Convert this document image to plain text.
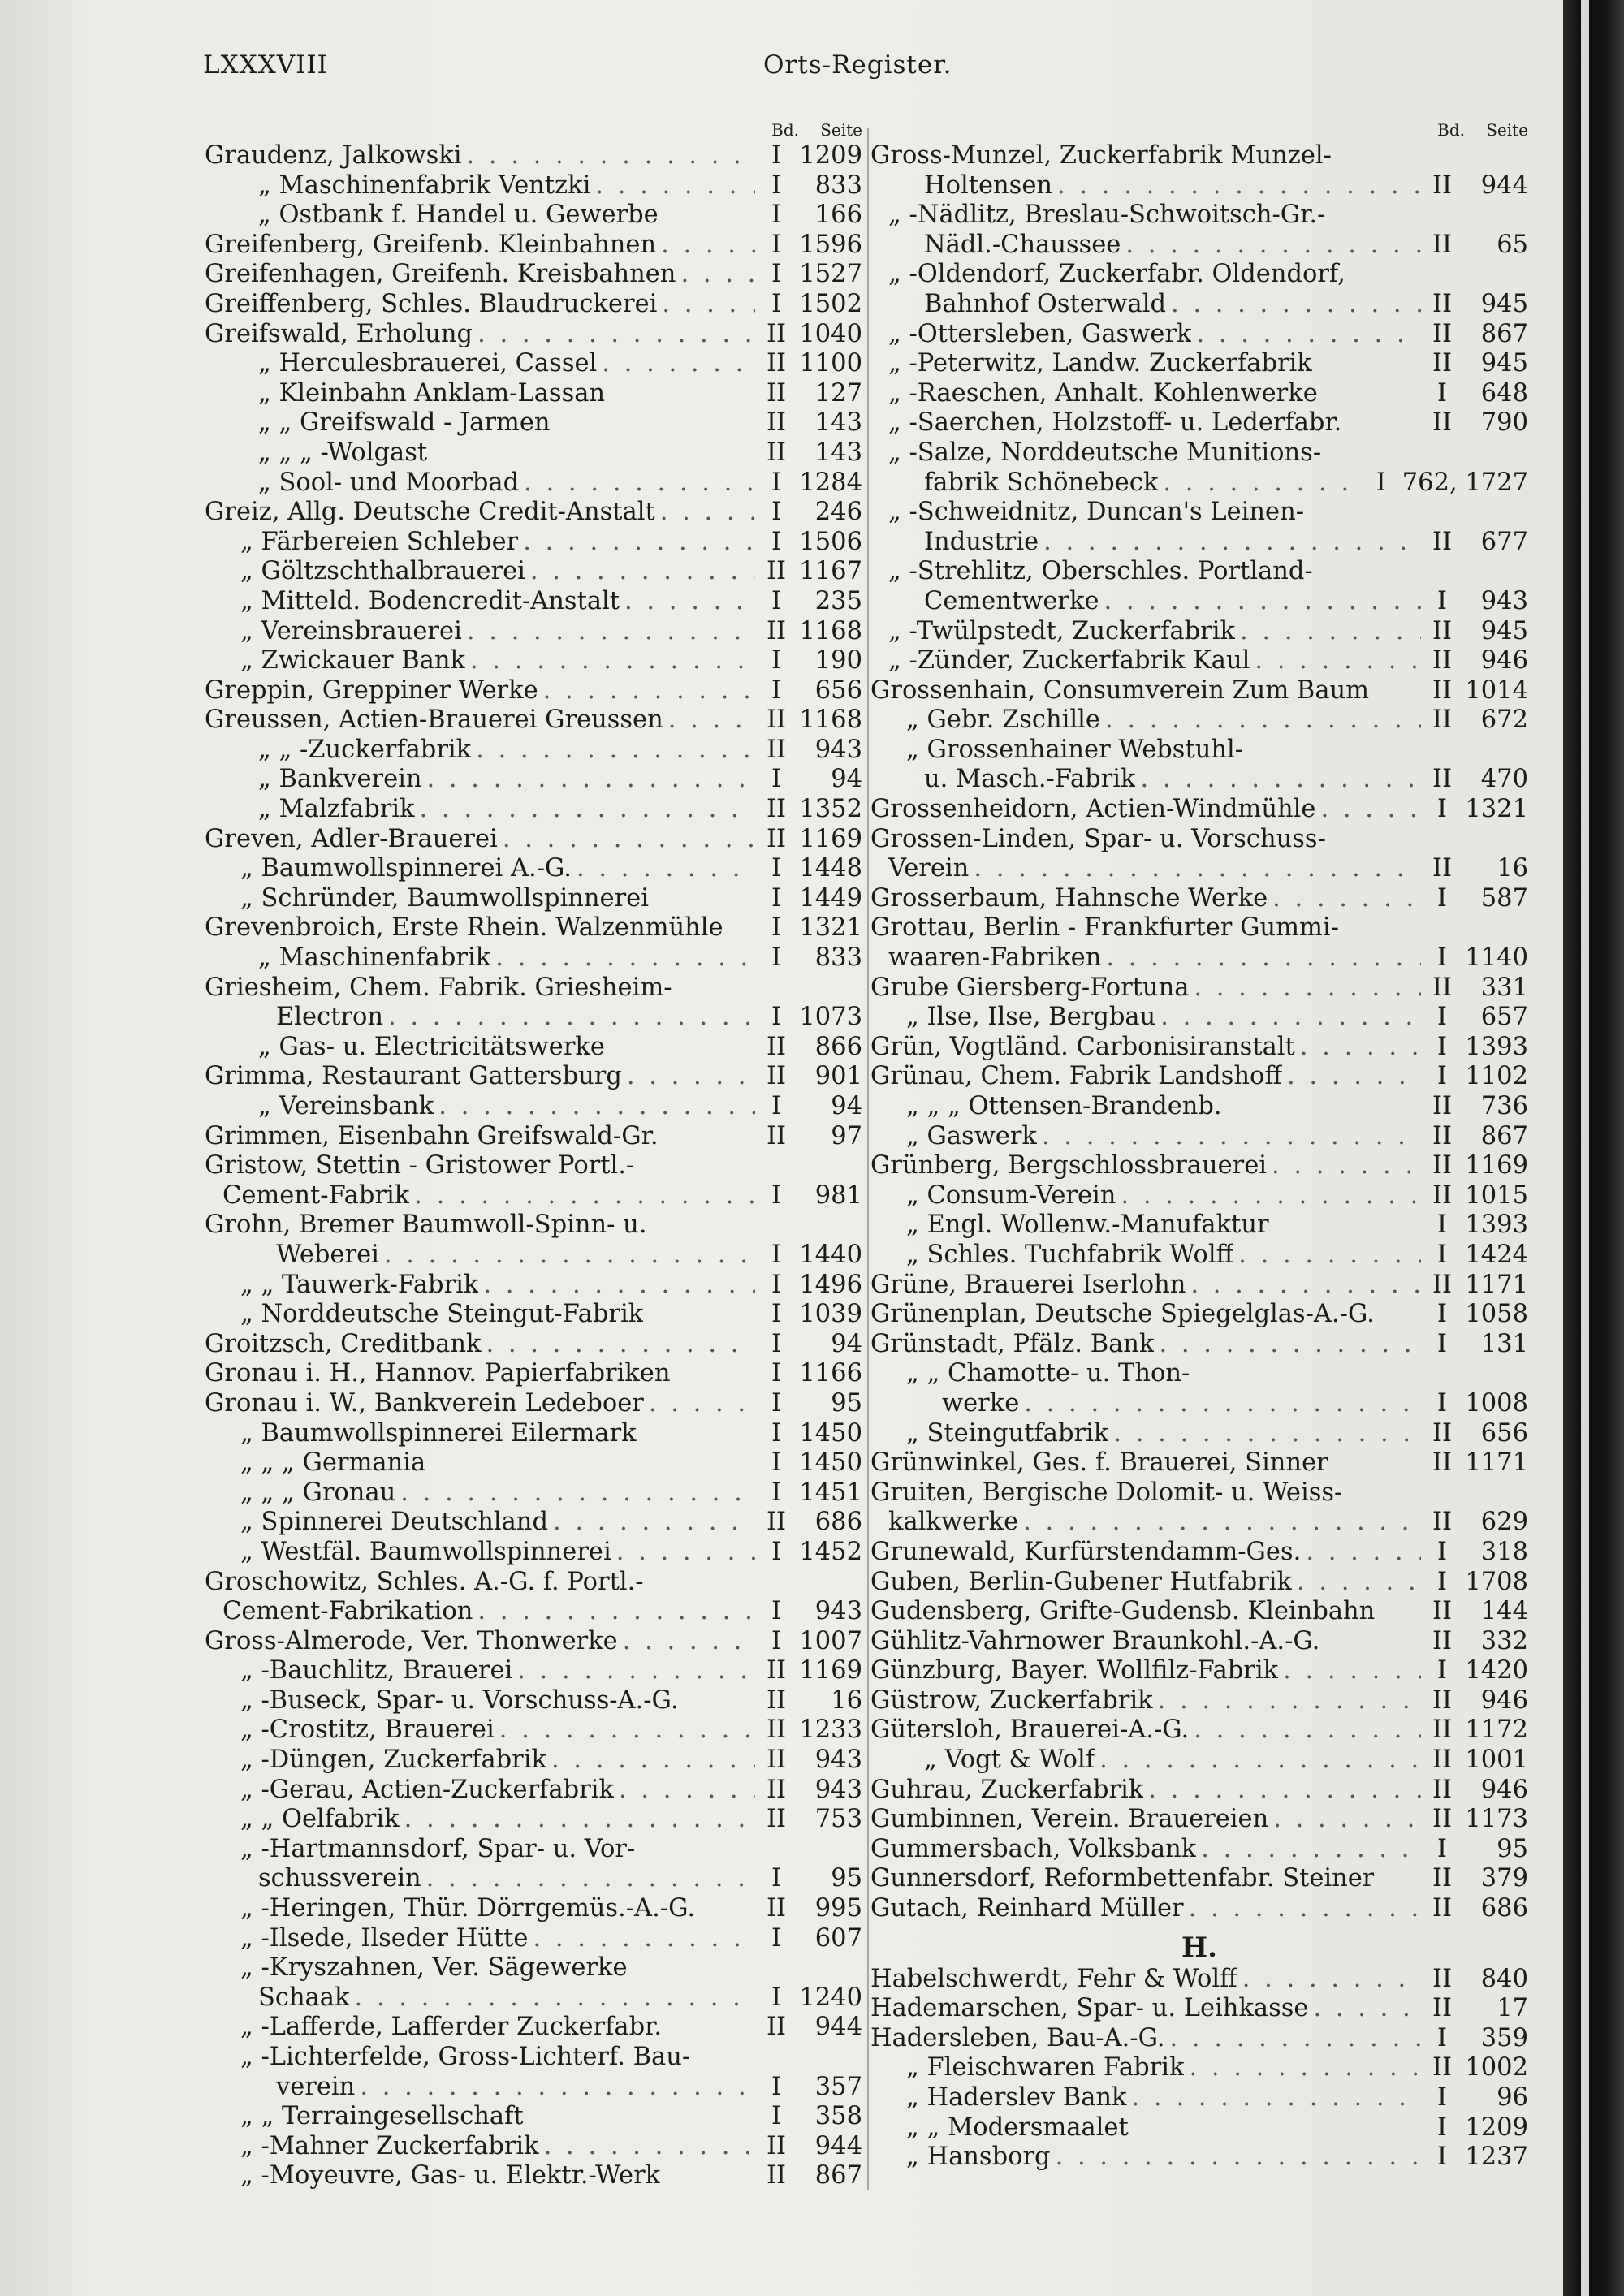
LXXXVIII	Orts-Register.
Bd.	Seite
Graudenz, Jalkowski . . .	I 1209
„ Maschinenfabrik Ventzki . . .	I	833
„ Ostbank f. Handel u. Gewerbe	I	166
Greifenberg, Greifenb. Kleinbahnen . . .	I 1596
Greifenhagen, Greifenh. Kreisbahnen . . .	I 1527
Greiffenberg, Schles. Blaudruckerei . . .	I 1502
Greifswald, Erholung . . .	II 1040
„ Herculesbrauerei, Cassel . . .	II 1100
„ Kleinbahn Anklam-Lassan	II	127
„ „ Greifswald - Jarmen	II	143
„ „ „ -Wolgast	II	143
„ Sool- und Moorbad . . .	I 1284
Greiz, Allg. Deutsche Credit-Anstalt . . .	I	246
„ Färbereien Schleber . . .	I 1506
„ Göltzschthalbrauerei . . .	II 1167
„ Mitteld. Bodencredit-Anstalt . . .	I	235
„ Vereinsbrauerei . . .	II 1168
„ Zwickauer Bank . . .	I	190
Greppin, Greppiner Werke . . .	I	656
Greussen, Actien-Brauerei Greussen . . .	II 1168
„ „ -Zuckerfabrik . . .	II	943
„ Bankverein . . .	I	94
„ Malzfabrik . . .	II 1352
Greven, Adler-Brauerei . . .	II 1169
„ Baumwollspinnerei A.-G. . . .	I 1448
„ Schründer, Baumwollspinnerei	I 1449
Grevenbroich, Erste Rhein. Walzenmühle	I 1321
„ Maschinenfabrik . . .	I	833
Griesheim, Chem. Fabrik. Griesheim-
Electron . . .	I 1073
„ Gas- u. Electricitätswerke	II	866
Grimma, Restaurant Gattersburg . . .	II	901
„ Vereinsbank . . .	I	94
Grimmen, Eisenbahn Greifswald-Gr.	II	97
Gristow, Stettin - Gristower Portl.-
Cement-Fabrik . . .	I	981
Grohn, Bremer Baumwoll-Spinn- u.
Weberei . . .	I 1440
„ „ Tauwerk-Fabrik . . .	I 1496
„ Norddeutsche Steingut-Fabrik	I 1039
Groitzsch, Creditbank . . .	I	94
Gronau i. H., Hannov. Papierfabriken	I 1166
Gronau i. W., Bankverein Ledeboer . . .	I	95
„ Baumwollspinnerei Eilermark	I 1450
„ „ „ Germania	I 1450
„ „ „ Gronau . . .	I 1451
„ Spinnerei Deutschland . . .	II	686
„ Westfäl. Baumwollspinnerei . . .	I 1452
Groschowitz, Schles. A.-G. f. Portl.-
Cement-Fabrikation . . .	I	943
Gross-Almerode, Ver. Thonwerke . . .	I 1007
„ -Bauchlitz, Brauerei . . .	II 1169
„ -Buseck, Spar- u. Vorschuss-A.-G.	II	16
„ -Crostitz, Brauerei . . .	II 1233
„ -Düngen, Zuckerfabrik . . .	II	943
„ -Gerau, Actien-Zuckerfabrik . . .	II	943
„ „ Oelfabrik . . .	II	753
„ -Hartmannsdorf, Spar- u. Vor-
schussverein . . .	I	95
„ -Heringen, Thür. Dörrgemüs.-A.-G.	II	995
„ -Ilsede, Ilseder Hütte . . .	I	607
„ -Kryszahnen, Ver. Sägewerke
Schaak . . .	I 1240
„ -Lafferde, Lafferder Zuckerfabr.	II	944
„ -Lichterfelde, Gross-Lichterf. Bau-
verein . . .	I	357
„ „ Terraingesellschaft	I	358
„ -Mahner Zuckerfabrik . . .	II	944
„ -Moyeuvre, Gas- u. Elektr.-Werk	II	867
Bd.	Seite
Gross-Munzel, Zuckerfabrik Munzel-
Holtensen . . .	II	944
„ -Nädlitz, Breslau-Schwoitsch-Gr.-
Nädl.-Chaussee . . .	II	65
„ -Oldendorf, Zuckerfabr. Oldendorf,
Bahnhof Osterwald . . .	II	945
„ -Ottersleben, Gaswerk . . .	II	867
„ -Peterwitz, Landw. Zuckerfabrik	II	945
„ -Raeschen, Anhalt. Kohlenwerke	I	648
„ -Saerchen, Holzstoff- u. Lederfabr.	II	790
„ -Salze, Norddeutsche Munitions-
fabrik Schönebeck . . .	I 762, 1727
„ -Schweidnitz, Duncan's Leinen-
Industrie . . .	II	677
„ -Strehlitz, Oberschles. Portland-
Cementwerke . . .	I	943
„ -Twülpstedt, Zuckerfabrik . . .	II	945
„ -Zünder, Zuckerfabrik Kaul . . .	II	946
Grossenhain, Consumverein Zum Baum	II 1014
„ Gebr. Zschille . . .	II	672
„ Grossenhainer Webstuhl-
u. Masch.-Fabrik . . .	II	470
Grossenheidorn, Actien-Windmühle . . .	I 1321
Grossen-Linden, Spar- u. Vorschuss-
Verein . . .	II	16
Grosserbaum, Hahnsche Werke . . .	I	587
Grottau, Berlin - Frankfurter Gummi-
waaren-Fabriken . . .	I 1140
Grube Giersberg-Fortuna . . .	II	331
„ Ilse, Ilse, Bergbau . . .	I	657
Grün, Vogtländ. Carbonisiranstalt . . .	I 1393
Grünau, Chem. Fabrik Landshoff . . .	I 1102
„ „ „ Ottensen-Brandenb.	II	736
„ Gaswerk . . .	II	867
Grünberg, Bergschlossbrauerei . . .	II 1169
„ Consum-Verein . . .	II 1015
„ Engl. Wollenw.-Manufaktur	I 1393
„ Schles. Tuchfabrik Wolff . . .	I 1424
Grüne, Brauerei Iserlohn . . .	II 1171
Grünenplan, Deutsche Spiegelglas-A.-G.	I 1058
Grünstadt, Pfälz. Bank . . .	I	131
„ „ Chamotte- u. Thon-
werke . . .	I 1008
„ Steingutfabrik . . .	II	656
Grünwinkel, Ges. f. Brauerei, Sinner	II 1171
Gruiten, Bergische Dolomit- u. Weiss-
kalkwerke . . .	II	629
Grunewald, Kurfürstendamm-Ges. . . .	I	318
Guben, Berlin-Gubener Hutfabrik . . .	I 1708
Gudensberg, Grifte-Gudensb. Kleinbahn	II	144
Gühlitz-Vahrnower Braunkohl.-A.-G.	II	332
Günzburg, Bayer. Wollfilz-Fabrik . . .	I 1420
Güstrow, Zuckerfabrik . . .	II	946
Gütersloh, Brauerei-A.-G. . . .	II 1172
„ Vogt & Wolf . . .	II 1001
Guhrau, Zuckerfabrik . . .	II	946
Gumbinnen, Verein. Brauereien . . .	II 1173
Gummersbach, Volksbank . . .	I	95
Gunnersdorf, Reformbettenfabr. Steiner	II	379
Gutach, Reinhard Müller . . .	II	686
H.
Habelschwerdt, Fehr & Wolff . . .	II	840
Hademarschen, Spar- u. Leihkasse . . .	II	17
Hadersleben, Bau-A.-G. . . .	I	359
„ Fleischwaren Fabrik . . .	II 1002
„ Haderslev Bank . . .	I	96
„ „ Modersmaalet	I 1209
„ Hansborg . . .	I 1237
